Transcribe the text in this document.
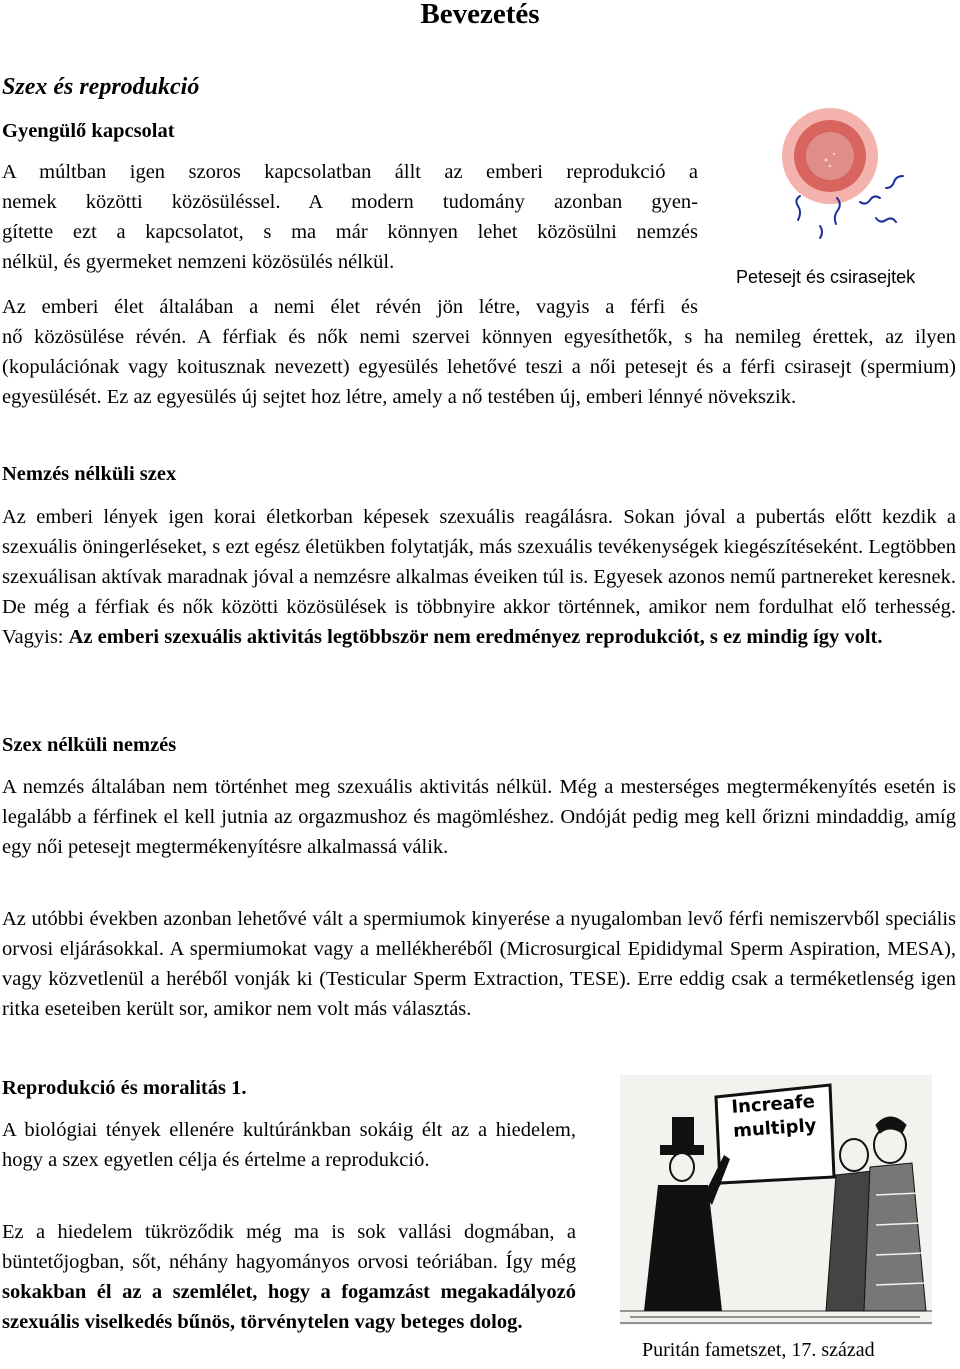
Bevezetés
Szex és reprodukció
Gyengülő kapcsolat
A múltban igen szoros kapcsolatban állt az emberi reprodukció a
nemek közötti közösüléssel. A modern tudomány azonban gyen-
gítette ezt a kapcsolatot, s ma már könnyen lehet közösülni nemzés
nélkül, és gyermeket nemzeni közösülés nélkül.
Petesejt és csirasejtek
Az emberi élet általában a nemi élet révén jön létre, vagyis a férfi és

nő közösülése révén. A férfiak és nők nemi szervei könnyen egyesíthetők, s ha nemileg érettek, az ilyen (kopulációnak vagy koitusznak nevezett) egyesülés lehetővé teszi a női petesejt és a férfi csirasejt (spermium) egyesülését. Ez az egyesülés új sejtet hoz létre, amely a nő testében új, emberi lénnyé növekszik.

Nemzés nélküli szex

Az emberi lények igen korai életkorban képesek szexuális reagálásra. Sokan jóval a pubertás előtt kezdik a szexuális öningerléseket, s ezt egész életükben folytatják, más szexuális tevékenységek kiegészítéseként. Legtöbben szexuálisan aktívak maradnak jóval a nemzésre alkalmas éveiken túl is. Egyesek azonos nemű partnereket keresnek. De még a férfiak és nők közötti közösülések is többnyire akkor történnek, amikor nem fordulhat elő terhesség. Vagyis: Az emberi szexuális aktivitás legtöbbször nem eredményez reprodukciót, s ez mindig így volt.

Szex nélküli nemzés

A nemzés általában nem történhet meg szexuális aktivitás nélkül. Még a mesterséges megtermékenyítés esetén is legalább a férfinek el kell jutnia az orgazmushoz és magömléshez. Ondóját pedig meg kell őrizni mindaddig, amíg egy női petesejt megtermékenyítésre alkalmassá válik.

Az utóbbi években azonban lehetővé vált a spermiumok kinyerése a nyugalomban levő férfi nemiszervből speciális orvosi eljárásokkal. A spermiumokat vagy a mellékheréből (Microsurgical Epididymal Sperm Aspiration, MESA), vagy közvetlenül a heréből vonják ki (Testicular Sperm Extraction, TESE). Erre eddig csak a terméketlenség igen ritka eseteiben került sor, amikor nem volt más választás.

Reprodukció és moralitás 1.

A biológiai tények ellenére kultúránkban sokáig élt az a hiedelem, hogy a szex egyetlen célja és értelme a reprodukció.

Ez a hiedelem tükröződik még ma is sok vallási dogmában, a büntetőjogban, sőt, néhány hagyományos orvosi teóriában. Így még sokakban él az a szemlélet, hogy a fogamzást megakadályozó szexuális viselkedés bűnös, törvénytelen vagy beteges dolog.

Increafe
multiply
Puritán fametszet, 17. század
